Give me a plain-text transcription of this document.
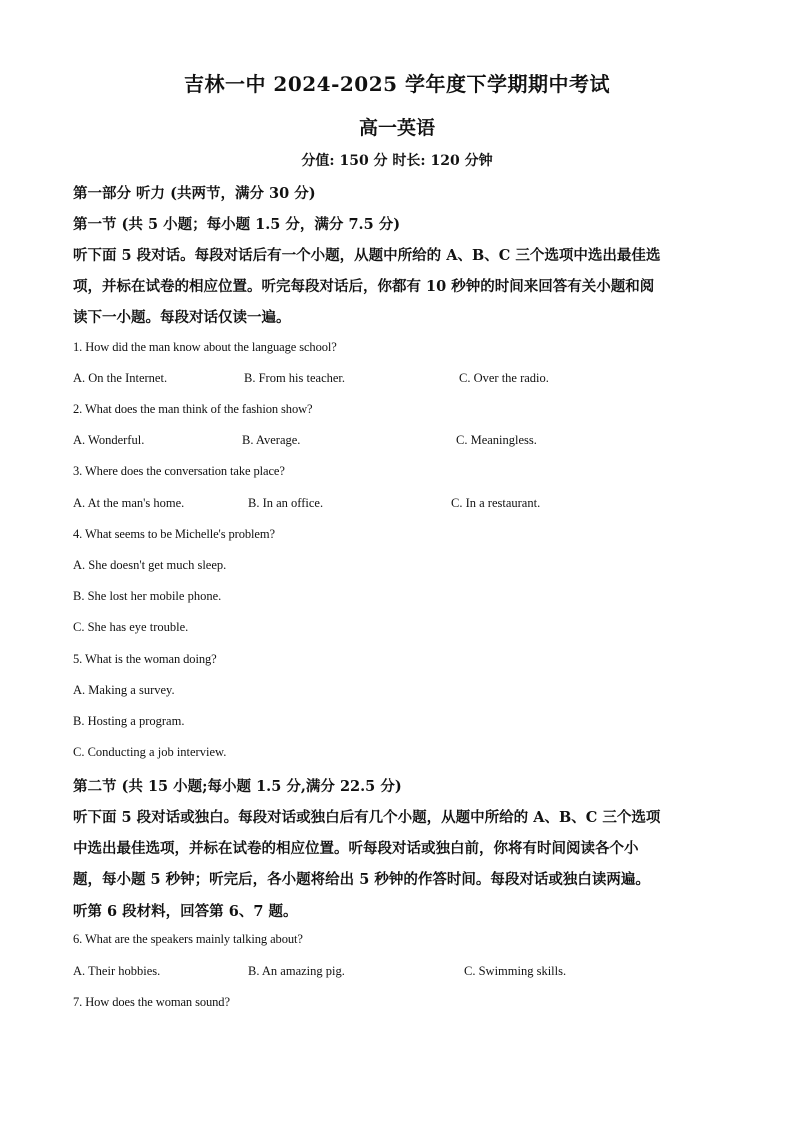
吉林一中 2024-2025 学年度下学期期中考试
高一英语
分值: 150 分 时长: 120 分钟
第一部分 听力 (共两节，满分 30 分)
第一节 (共 5 小题；每小题 1.5 分，满分 7.5 分)
听下面 5 段对话。每段对话后有一个小题，从题中所给的 A、B、C 三个选项中选出最佳选
项，并标在试卷的相应位置。听完每段对话后，你都有 10 秒钟的时间来回答有关小题和阅
读下一小题。每段对话仅读一遍。
1. How did the man know about the language school?
A. On the Internet.	B. From his teacher.	C. Over the radio.
2. What does the man think of the fashion show?
A. Wonderful.	B. Average.	C. Meaningless.
3. Where does the conversation take place?
A. At the man's home.	B. In an office.	C. In a restaurant.
4. What seems to be Michelle's problem?
A. She doesn't get much sleep.
B. She lost her mobile phone.
C. She has eye trouble.
5. What is the woman doing?
A. Making a survey.
B. Hosting a program.
C. Conducting a job interview.
第二节 (共 15 小题;每小题 1.5 分,满分 22.5 分)
听下面 5 段对话或独白。每段对话或独白后有几个小题，从题中所给的 A、B、C 三个选项
中选出最佳选项，并标在试卷的相应位置。听每段对话或独白前，你将有时间阅读各个小
题，每小题 5 秒钟；听完后，各小题将给出 5 秒钟的作答时间。每段对话或独白读两遍。
听第 6 段材料，回答第 6、7 题。
6. What are the speakers mainly talking about?
A. Their hobbies.	B. An amazing pig.	C. Swimming skills.
7. How does the woman sound?
